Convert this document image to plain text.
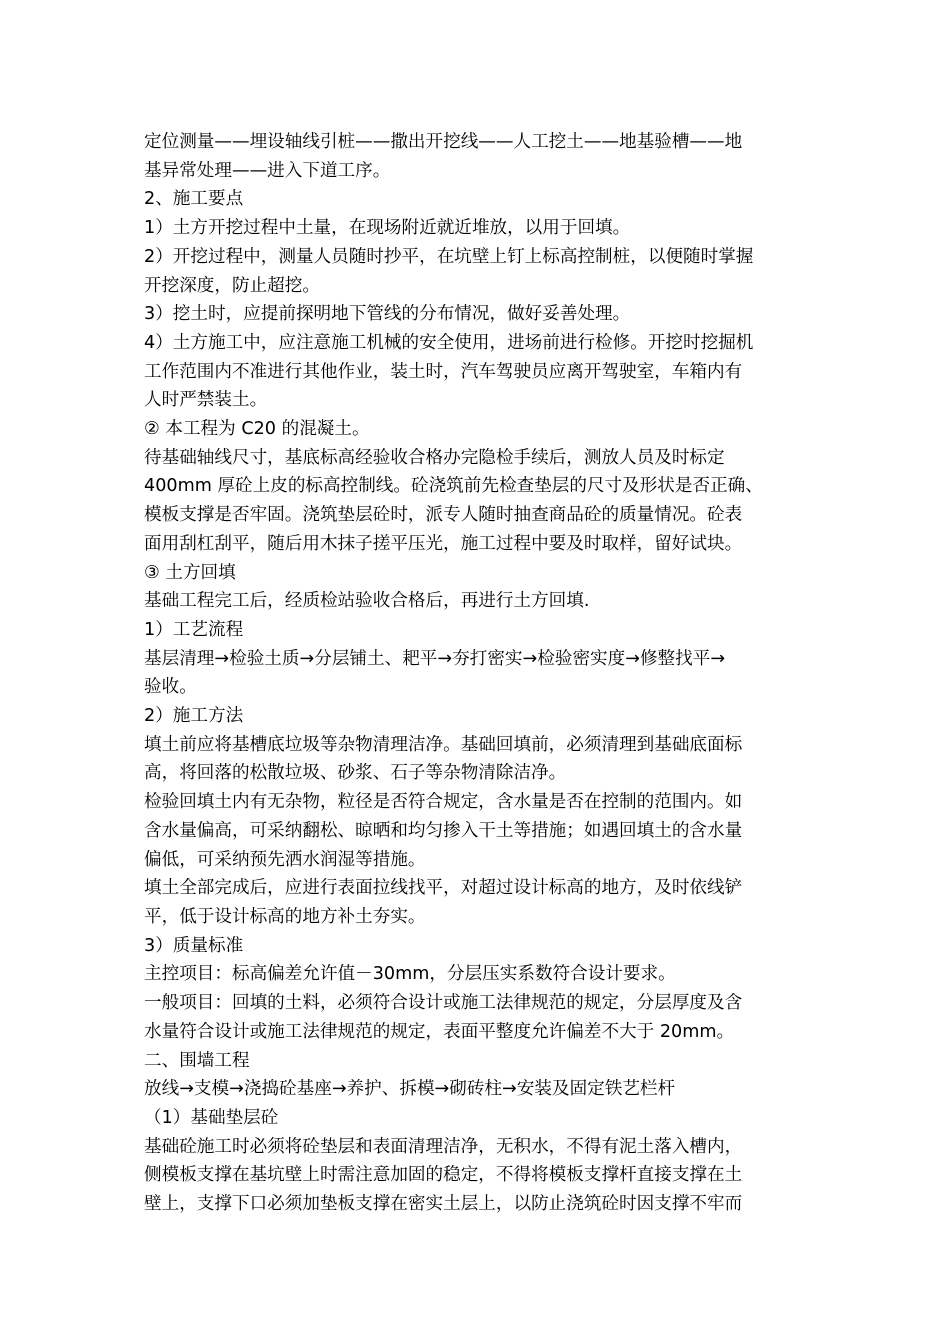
定位测量——埋设轴线引桩——撒出开挖线——人工挖土——地基验槽——地

基异常处理——进入下道工序。

2、施工要点

1）土方开挖过程中土量，在现场附近就近堆放，以用于回填。

2）开挖过程中，测量人员随时抄平，在坑壁上钉上标高控制桩，以便随时掌握

开挖深度，防止超挖。

3）挖土时，应提前探明地下管线的分布情况，做好妥善处理。

4）土方施工中，应注意施工机械的安全使用，进场前进行检修。开挖时挖掘机

工作范围内不准进行其他作业，装土时，汽车驾驶员应离开驾驶室，车箱内有

人时严禁装土。

② 本工程为 C20 的混凝土。

待基础轴线尺寸，基底标高经验收合格办完隐检手续后，测放人员及时标定

400mm 厚砼上皮的标高控制线。砼浇筑前先检查垫层的尺寸及形状是否正确、

模板支撑是否牢固。浇筑垫层砼时，派专人随时抽查商品砼的质量情况。砼表

面用刮杠刮平，随后用木抹子搓平压光，施工过程中要及时取样，留好试块。

③ 土方回填

基础工程完工后，经质检站验收合格后，再进行土方回填.

1）工艺流程

基层清理→检验土质→分层铺土、耙平→夯打密实→检验密实度→修整找平→

验收。

2）施工方法

填土前应将基槽底垃圾等杂物清理洁净。基础回填前，必须清理到基础底面标

高，将回落的松散垃圾、砂浆、石子等杂物清除洁净。

检验回填土内有无杂物，粒径是否符合规定，含水量是否在控制的范围内。如

含水量偏高，可采纳翻松、晾晒和均匀掺入干土等措施；如遇回填土的含水量

偏低，可采纳预先洒水润湿等措施。

填土全部完成后，应进行表面拉线找平，对超过设计标高的地方，及时依线铲

平，低于设计标高的地方补土夯实。

3）质量标准

主控项目：标高偏差允许值－30mm，分层压实系数符合设计要求。

一般项目：回填的土料，必须符合设计或施工法律规范的规定，分层厚度及含

水量符合设计或施工法律规范的规定，表面平整度允许偏差不大于 20mm。

二、围墙工程

放线→支模→浇捣砼基座→养护、拆模→砌砖柱→安装及固定铁艺栏杆

（1）基础垫层砼

基础砼施工时必须将砼垫层和表面清理洁净，无积水，不得有泥土落入槽内，

侧模板支撑在基坑壁上时需注意加固的稳定，不得将模板支撑杆直接支撑在土

壁上，支撑下口必须加垫板支撑在密实土层上，以防止浇筑砼时因支撑不牢而
